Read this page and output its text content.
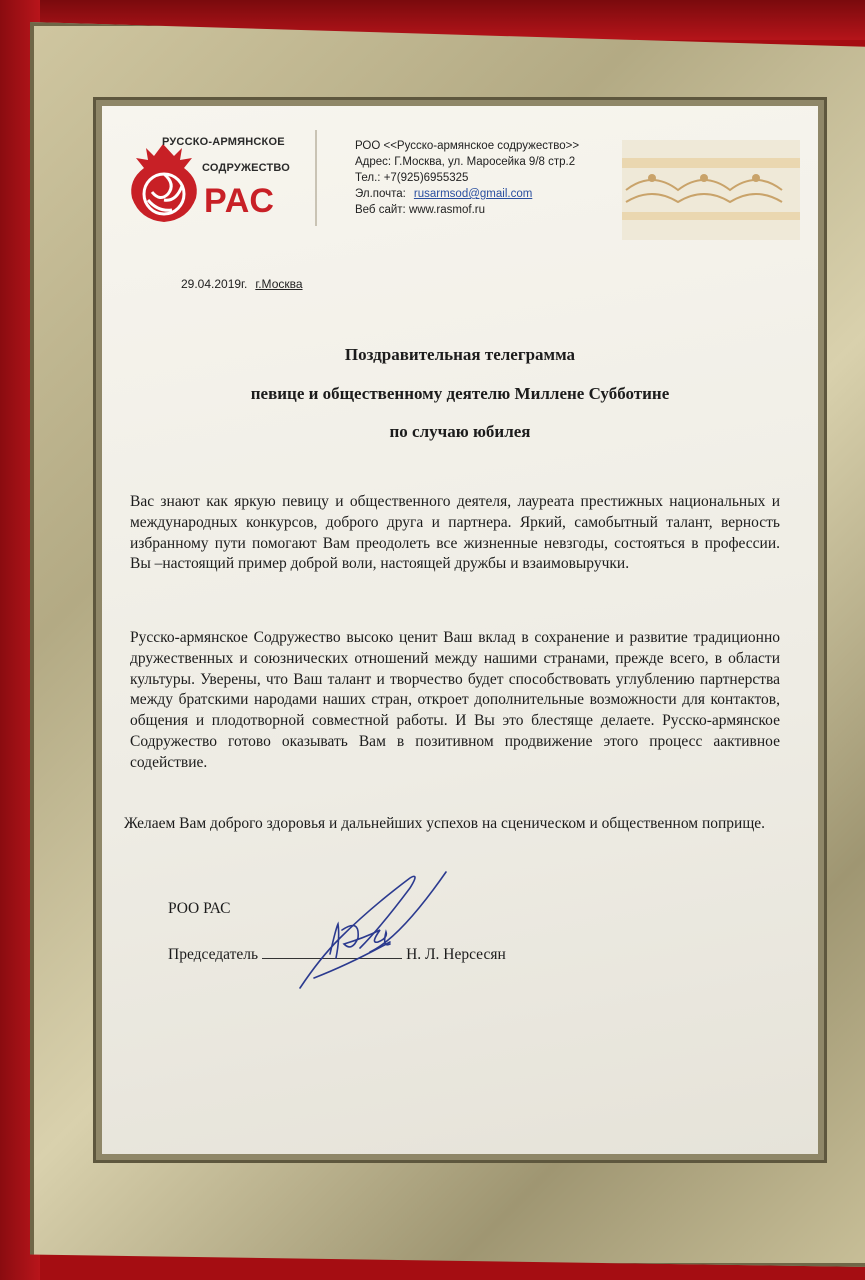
РУССКО-АРМЯНСКОЕ
СОДРУЖЕСТВО
РАС
РОО <<Русско-армянское содружество>>
Адрес: Г.Москва, ул. Маросейка 9/8 стр.2
Тел.: +7(925)6955325
Эл.почта: rusarmsod@gmail.com
Веб сайт: www.rasmof.ru
29.04.2019г. г.Москва
Поздравительная телеграмма
певице и общественному деятелю Миллене Субботине
по случаю юбилея
Вас знают как яркую певицу и общественного деятеля, лауреата престижных национальных и международных конкурсов, доброго друга и партнера. Яркий, самобытный талант, верность избранному пути помогают Вам преодолеть все жизненные невзгоды, состояться в профессии. Вы –настоящий пример доброй воли, настоящей дружбы и взаимовыручки.
Русско-армянское Содружество высоко ценит Ваш вклад в сохранение и развитие традиционно дружественных и союзнических отношений между нашими странами, прежде всего, в области культуры. Уверены, что Ваш талант и творчество будет способствовать углублению партнерства между братскими народами наших стран, откроет дополнительные возможности для контактов, общения и плодотворной совместной работы. И Вы это блестяще делаете. Русско-армянское Содружество готово оказывать Вам в позитивном продвижение этого процесс аактивное содействие.
Желаем Вам доброго здоровья и дальнейших успехов на сценическом и общественном поприще.
РОО РАС
Председатель	Н. Л. Нерсесян
